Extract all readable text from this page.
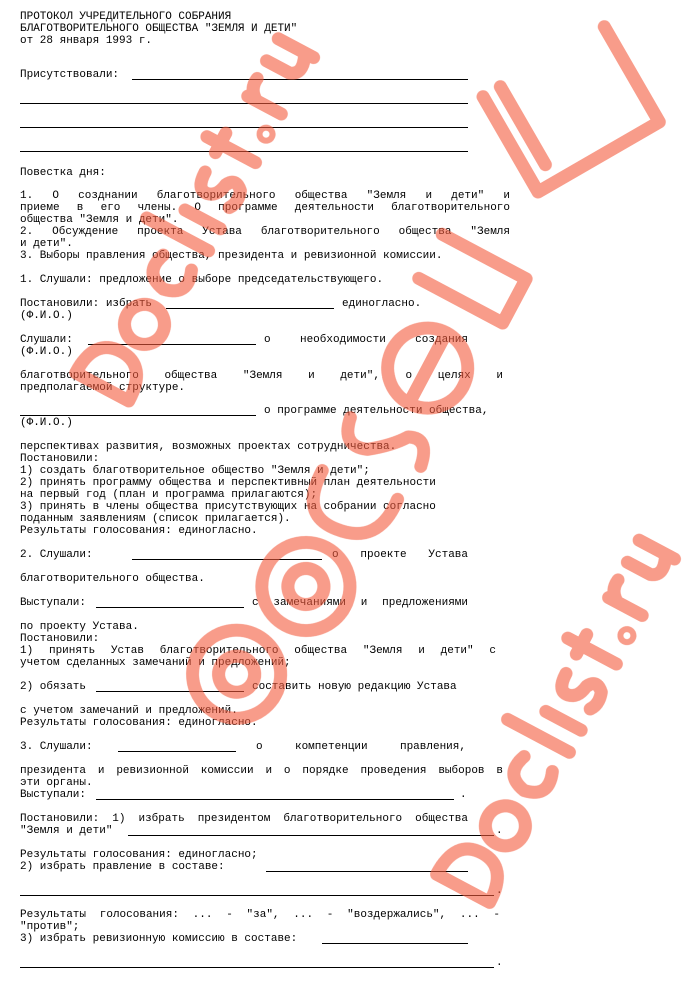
ПРОТОКОЛ УЧРЕДИТЕЛЬНОГО СОБРАНИЯ
БЛАГОТВОРИТЕЛЬНОГО ОБЩЕСТВА "ЗЕМЛЯ И ДЕТИ"
от 28 января 1993 г.
Присутствовали:
Повестка дня:
1. О созднании благотворительного общества "Земля и дети" и
приеме в его члены. О программе деятельности благотворительного
общества "Земля и дети".
2. Обсуждение проекта Устава благотворительного общества "Земля
и дети".
3. Выборы правления общества, президента и ревизионной комиссии.
1. Слушали: предложение о выборе председательствующего.
Постановили: избрать	единогласно.
(Ф.И.О.)
Слушали:	о необходимости создания
(Ф.И.О.)
благотворительного общества "Земля и дети", о целях и
предполагаемой структуре.
о программе деятельности общества,
(Ф.И.О.)
перспективах развития, возможных проектах сотрудничества.
Постановили:
1) создать благотворительное общество "Земля и дети";
2) принять программу общества и перспективный план деятельности
на первый год (план и программа прилагаются);
3) принять в члены общества присутствующих на собрании согласно
поданным заявлениям (список прилагается).
Результаты голосования: единогласно.
2. Слушали:	о проекте Устава
благотворительного общества.
Выступали:	с замечаниями и предложениями
по проекту Устава.
Постановили:
1) принять Устав благотворительного общества "Земля и дети" с
учетом сделанных замечаний и предложений;
2) обязать	составить новую редакцию Устава
с учетом замечаний и предложений.
Результаты голосования: единогласно.
3. Слушали:	о компетенции правления,
президента и ревизионной комиссии и о порядке проведения выборов в
эти органы.
Выступали:	.
Постановили: 1) избрать президентом благотворительного общества
"Земля и дети"	.
Результаты голосования: единогласно;
2) избрать правление в составе:
.
Результаты голосования: ... - "за", ... - "воздержались", ... -
"против";
3) избрать ревизионную комиссию в составе:
.
